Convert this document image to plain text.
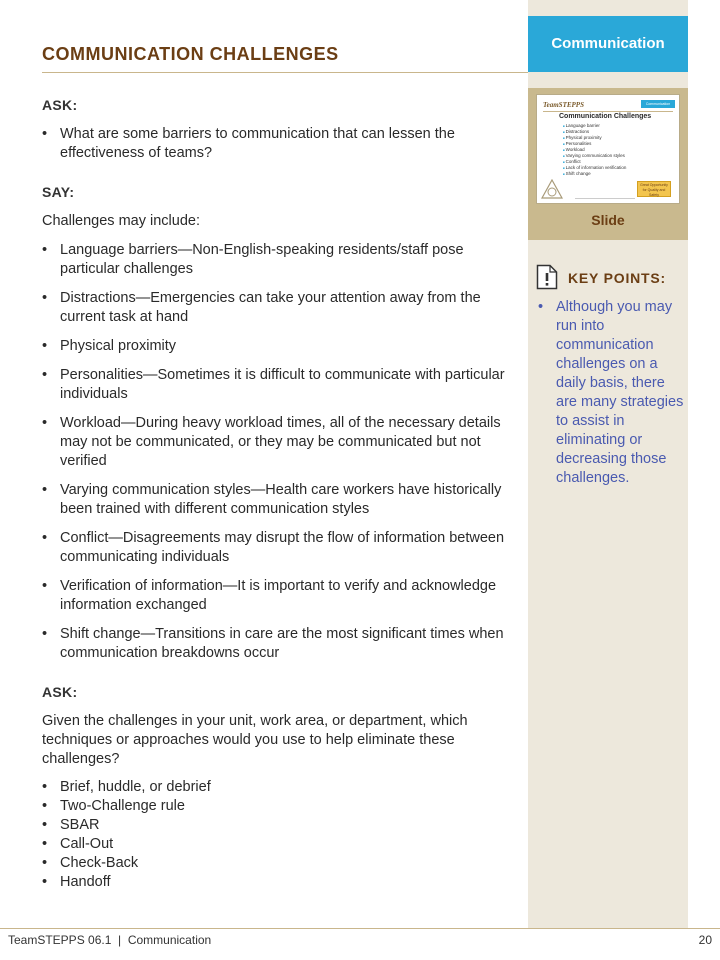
Communication
COMMUNICATION CHALLENGES
ASK:
• What are some barriers to communication that can lessen the effectiveness of teams?
SAY:
Challenges may include:
• Language barriers—Non-English-speaking residents/staff pose particular challenges
• Distractions—Emergencies can take your attention away from the current task at hand
• Physical proximity
• Personalities—Sometimes it is difficult to communicate with particular individuals
• Workload—During heavy workload times, all of the necessary details may not be communicated, or they may be communicated but not verified
• Varying communication styles—Health care workers have historically been trained with different communication styles
• Conflict—Disagreements may disrupt the flow of information between communicating individuals
• Verification of information—It is important to verify and acknowledge information exchanged
• Shift change—Transitions in care are the most significant times when communication breakdowns occur
ASK:
Given the challenges in your unit, work area, or department, which techniques or approaches would you use to help eliminate these challenges?
• Brief, huddle, or debrief
• Two-Challenge rule
• SBAR
• Call-Out
• Check-Back
• Handoff
TeamSTEPPS	Communication
Communication Challenges
■ Language barrier
■ Distractions
■ Physical proximity
■ Personalities
■ Workload
■ Varying communication styles
■ Conflict
■ Lack of information verification
■ Shift change
Great Opportunity for Quality and Safety
Slide
KEY POINTS:
• Although you may run into communication challenges on a daily basis, there are many strategies to assist in eliminating or decreasing those challenges.
TeamSTEPPS 06.1  |  Communication	20
